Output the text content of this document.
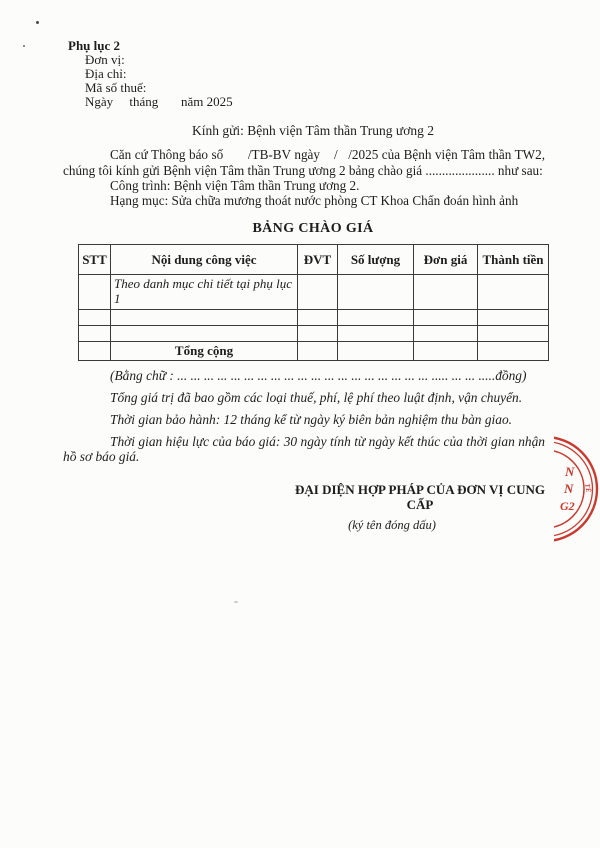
Phụ lục 2
Đơn vị:
Địa chỉ:
Mã số thuế:
Ngày     tháng       năm 2025
Kính gửi: Bệnh viện Tâm thần Trung ương 2

Căn cứ Thông báo số       /TB-BV ngày    /   /2025 của Bệnh viện Tâm thần TW2, chúng tôi kính gửi Bệnh viện Tâm thần Trung ương 2 bảng chào giá ..................... như sau:

Công trình: Bệnh viện Tâm thần Trung ương 2.
Hạng mục: Sửa chữa mương thoát nước phòng CT Khoa Chẩn đoán hình ảnh
BẢNG CHÀO GIÁ
STT	Nội dung công việc	ĐVT	Số lượng	Đơn giá	Thành tiền
	Theo danh mục chi tiết tại phụ lục 1				

	Tổng cộng				

(Bằng chữ : ... ... ... ... ... ... ... ... ... ... ... ... ... ... ... ... ... ... ... ..... ... ... .....đồng)

Tổng giá trị đã bao gồm các loại thuế, phí, lệ phí theo luật định, vận chuyển.

Thời gian bảo hành: 12 tháng kể từ ngày ký biên bản nghiệm thu bàn giao.

Thời gian hiệu lực của báo giá: 30 ngày tính từ ngày kết thúc của thời gian nhận hồ sơ báo giá.

ĐẠI DIỆN HỢP PHÁP CỦA ĐƠN VỊ CUNG CẤP
(ký tên đóng dấu)
N
N
G2
TẾ
